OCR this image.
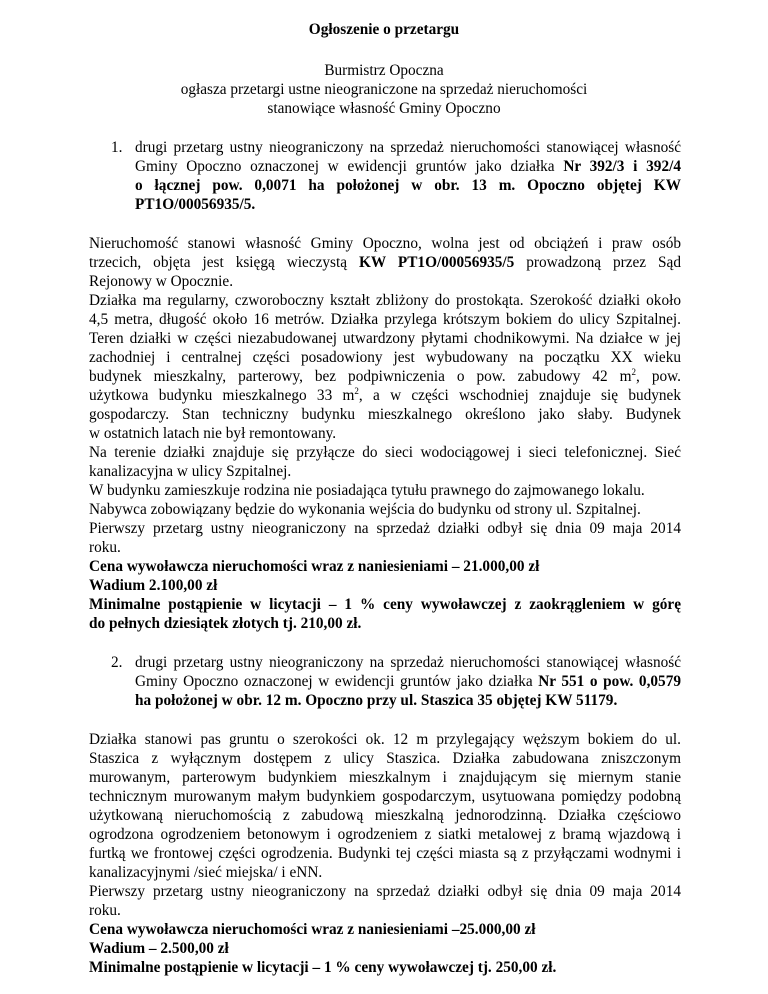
Ogłoszenie o przetargu
Burmistrz Opoczna
ogłasza przetargi ustne nieograniczone na sprzedaż nieruchomości
stanowiące własność Gminy Opoczno
1. drugi przetarg ustny nieograniczony na sprzedaż nieruchomości stanowiącej własność
Gminy Opoczno oznaczonej w ewidencji gruntów jako działka Nr 392/3 i 392/4
o łącznej pow. 0,0071 ha położonej w obr. 13 m. Opoczno objętej KW
PT1O/00056935/5.
Nieruchomość stanowi własność Gminy Opoczno, wolna jest od obciążeń i praw osób
trzecich, objęta jest księgą wieczystą KW PT1O/00056935/5 prowadzoną przez Sąd
Rejonowy w Opocznie.
Działka ma regularny, czworoboczny kształt zbliżony do prostokąta. Szerokość działki około
4,5 metra, długość około 16 metrów. Działka przylega krótszym bokiem do ulicy Szpitalnej.
Teren działki w części niezabudowanej utwardzony płytami chodnikowymi. Na działce w jej
zachodniej i centralnej części posadowiony jest wybudowany na początku XX wieku
budynek mieszkalny, parterowy, bez podpiwniczenia o pow. zabudowy 42 $m^2$, pow.
użytkowa budynku mieszkalnego 33 $m^2$, a w części wschodniej znajduje się budynek
gospodarczy. Stan techniczny budynku mieszkalnego określono jako słaby. Budynek
w ostatnich latach nie był remontowany.
Na terenie działki znajduje się przyłącze do sieci wodociągowej i sieci telefonicznej. Sieć
kanalizacyjna w ulicy Szpitalnej.
W budynku zamieszkuje rodzina nie posiadająca tytułu prawnego do zajmowanego lokalu.
Nabywca zobowiązany będzie do wykonania wejścia do budynku od strony ul. Szpitalnej.
Pierwszy przetarg ustny nieograniczony na sprzedaż działki odbył się dnia 09 maja 2014
roku.
Cena wywoławcza nieruchomości wraz z naniesieniami – 21.000,00 zł
Wadium 2.100,00 zł
Minimalne postąpienie w licytacji – 1 % ceny wywoławczej z zaokrągleniem w górę
do pełnych dziesiątek złotych tj. 210,00 zł.
2. drugi przetarg ustny nieograniczony na sprzedaż nieruchomości stanowiącej własność
Gminy Opoczno oznaczonej w ewidencji gruntów jako działka Nr 551 o pow. 0,0579
ha położonej w obr. 12 m. Opoczno przy ul. Staszica 35 objętej KW 51179.
Działka stanowi pas gruntu o szerokości ok. 12 m przylegający węższym bokiem do ul.
Staszica z wyłącznym dostępem z ulicy Staszica. Działka zabudowana zniszczonym
murowanym, parterowym budynkiem mieszkalnym i znajdującym się miernym stanie
technicznym murowanym małym budynkiem gospodarczym, usytuowana pomiędzy podobną
użytkowaną nieruchomością z zabudową mieszkalną jednorodzinną. Działka częściowo
ogrodzona ogrodzeniem betonowym i ogrodzeniem z siatki metalowej z bramą wjazdową i
furtką we frontowej części ogrodzenia. Budynki tej części miasta są z przyłączami wodnymi i
kanalizacyjnymi /sieć miejska/ i eNN.
Pierwszy przetarg ustny nieograniczony na sprzedaż działki odbył się dnia 09 maja 2014
roku.
Cena wywoławcza nieruchomości wraz z naniesieniami –25.000,00 zł
Wadium – 2.500,00 zł
Minimalne postąpienie w licytacji – 1 % ceny wywoławczej tj. 250,00 zł.
